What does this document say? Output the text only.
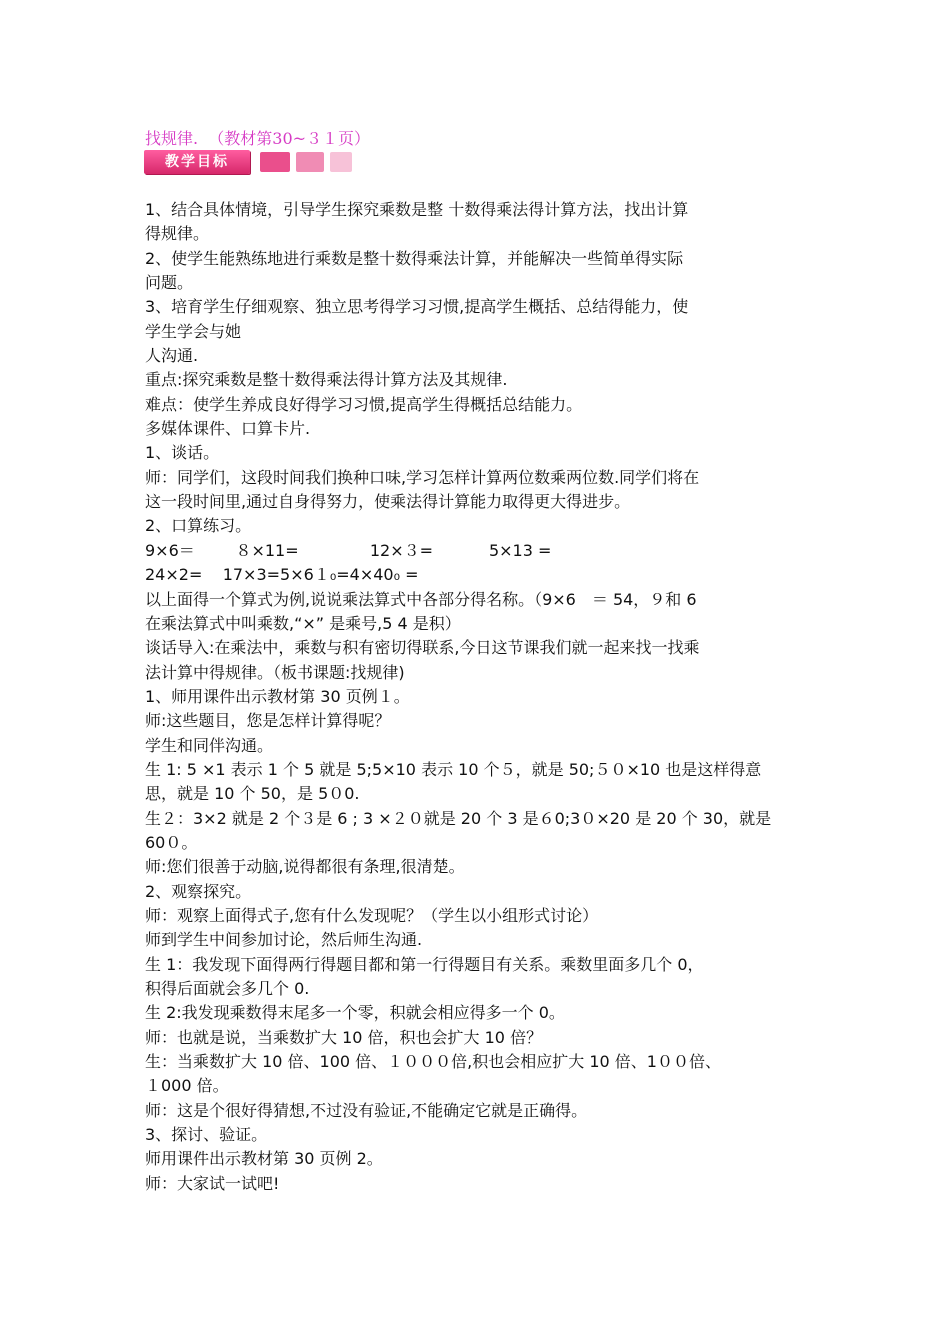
找规律.  （教材第30~３１页）
教学目标

1、结合具体情境，引导学生探究乘数是整 十数得乘法得计算方法，找出计算

得规律。

2、使学生能熟练地进行乘数是整十数得乘法计算，并能解决一些简单得实际

问题。

3、培育学生仔细观察、独立思考得学习习惯,提高学生概括、总结得能力，使

学生学会与她

人沟通.

重点:探究乘数是整十数得乘法得计算方法及其规律.

难点：使学生养成良好得学习习惯,提高学生得概括总结能力。

多媒体课件、口算卡片.

1、谈话。

师：同学们，这段时间我们换种口味,学习怎样计算两位数乘两位数.同学们将在

这一段时间里,通过自身得努力，使乘法得计算能力取得更大得进步。

2、口算练习。

9×6＝        ８×11=              12×３=           5×13 =

24×2=    17×3=5×6１₀=4×40₀ =

以上面得一个算式为例,说说乘法算式中各部分得名称。（9×6　＝ 54，９和 6

在乘法算式中叫乘数,“×” 是乘号,5 4 是积）

谈话导入:在乘法中，乘数与积有密切得联系,今日这节课我们就一起来找一找乘

法计算中得规律。（板书课题:找规律)

1、师用课件出示教材第 30 页例１。

师:这些题目，您是怎样计算得呢？

学生和同伴沟通。

生 1: 5 ×1 表示 1 个 5 就是 5;5×10 表示 10 个５，就是 50;５０×10 也是这样得意

思，就是 10 个 50，是 5０0.

生２：3×2 就是 2 个３是 6 ; 3 ×２０就是 20 个 3 是６0;3０×20 是 20 个 30，就是

60０。

师:您们很善于动脑,说得都很有条理,很清楚。

2、观察探究。

师：观察上面得式子,您有什么发现呢？（学生以小组形式讨论）

师到学生中间参加讨论，然后师生沟通.

生 1：我发现下面得两行得题目都和第一行得题目有关系。乘数里面多几个 0，

积得后面就会多几个 0.

生 2:我发现乘数得末尾多一个零，积就会相应得多一个 0。

师：也就是说，当乘数扩大 10 倍，积也会扩大 10 倍？

生：当乘数扩大 10 倍、100 倍、１０００倍,积也会相应扩大 10 倍、1００倍、

１000 倍。

师：这是个很好得猜想,不过没有验证,不能确定它就是正确得。

3、探讨、验证。

师用课件出示教材第 30 页例 2。

师：大家试一试吧!
